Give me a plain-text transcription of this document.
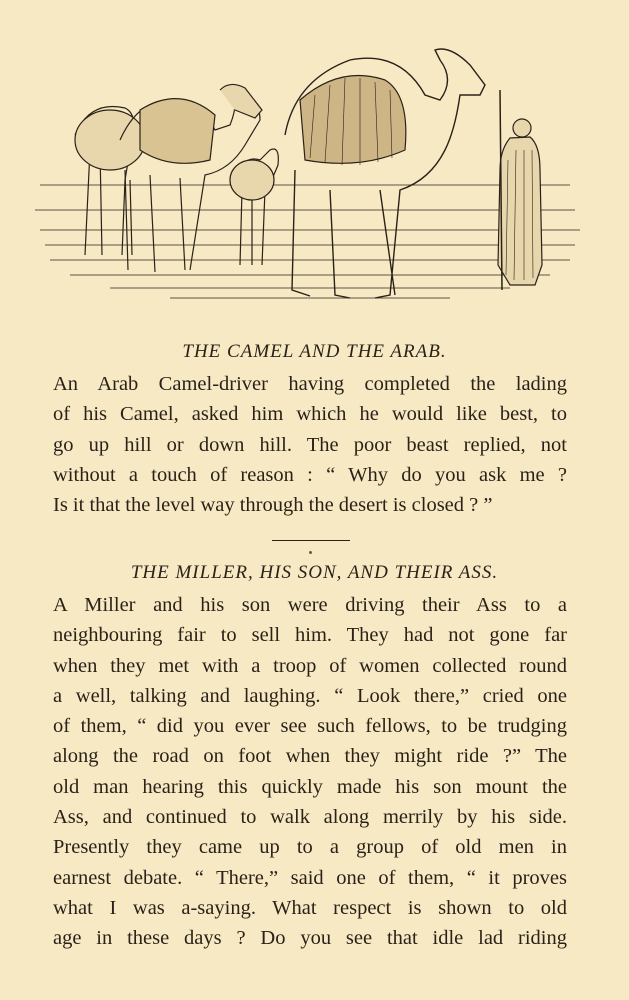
THE CAMEL AND THE ARAB.
An Arab Camel-driver having completed the lading
of his Camel, asked him which he would like best, to
go up hill or down hill. The poor beast replied, not
without a touch of reason : “ Why do you ask me ?
Is it that the level way through the desert is closed ? ”
THE MILLER, HIS SON, AND THEIR ASS.
A Miller and his son were driving their Ass to a
neighbouring fair to sell him. They had not gone far
when they met with a troop of women collected round
a well, talking and laughing. “ Look there,” cried one
of them, “ did you ever see such fellows, to be trudging
along the road on foot when they might ride ?” The
old man hearing this quickly made his son mount the
Ass, and continued to walk along merrily by his side.
Presently they came up to a group of old men in
earnest debate. “ There,” said one of them, “ it proves
what I was a-saying. What respect is shown to old
age in these days ? Do you see that idle lad riding
